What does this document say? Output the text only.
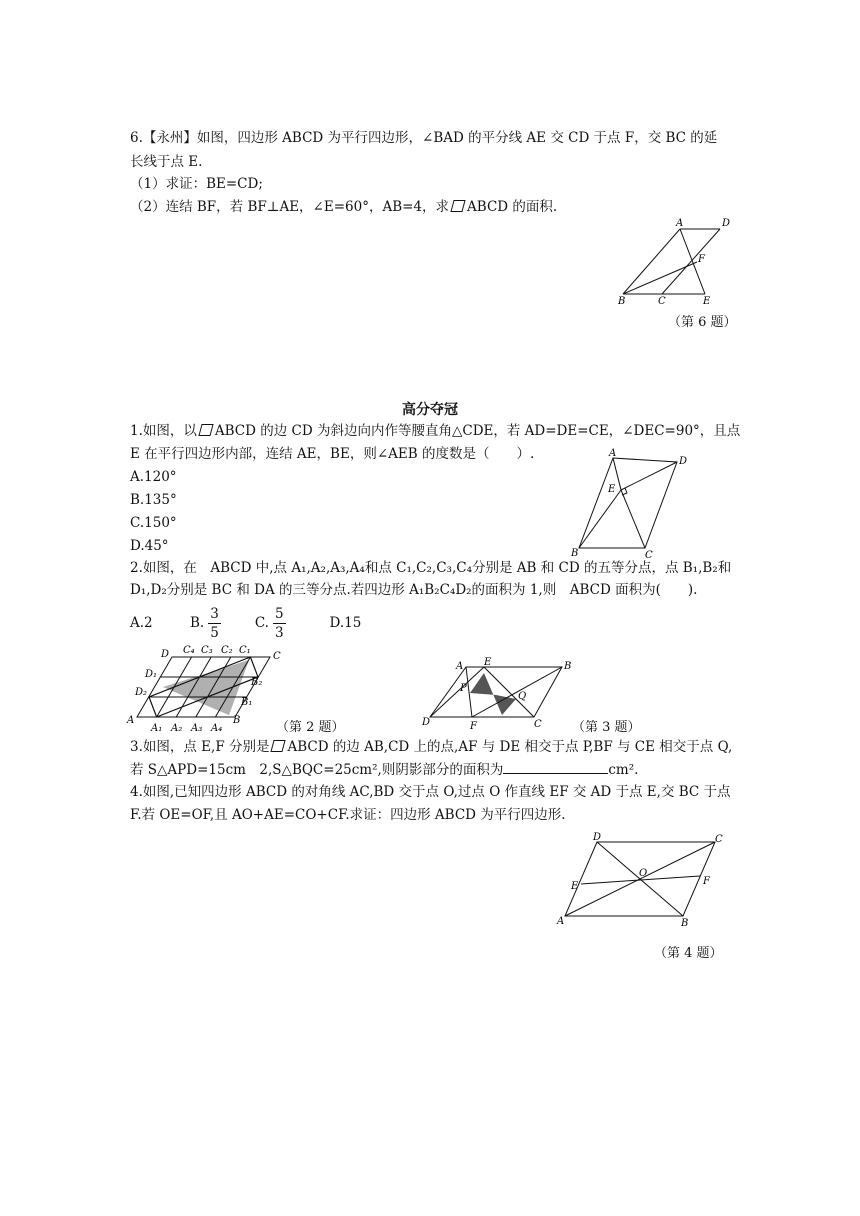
6.【永州】如图，四边形 ABCD 为平行四边形，∠BAD 的平分线 AE 交 CD 于点 F，交 BC 的延
长线于点 E.
（1）求证：BE=CD;
（2）连结 BF，若 BF⊥AE，∠E=60°，AB=4，求 ABCD 的面积.
A	D
F
B	C	E
（第 6 题）
高分夺冠
1.如图，以 ABCD 的边 CD 为斜边向内作等腰直角△CDE，若 AD=DE=CE，∠DEC=90°，且点
E 在平行四边形内部，连结 AE，BE，则∠AEB 的度数是（　　）.
A.120°
B.135°
C.150°
D.45°
A
D
E
B	C
2.如图，在　ABCD 中,点 A₁,A₂,A₃,A₄和点 C₁,C₂,C₃,C₄分别是 AB 和 CD 的五等分点，点 B₁,B₂和
D₁,D₂分别是 BC 和 DA 的三等分点.若四边形 A₁B₂C₄D₂的面积为 1,则　ABCD 面积为(　　).
A.2	B. $\frac{3}{5}$	C. $\frac{5}{3}$	D.15
A	B
C
D
A₁ A₂ A₃ A₄
C₄ C₃ C₂ C₁
B₂
B₁
D₁
D₂
（第 2 题）
A E	B
P
Q
D	F	C （第 3 题）
3.如图，点 E,F 分别是 ABCD 的边 AB,CD 上的点,AF 与 DE 相交于点 P,BF 与 CE 相交于点 Q,
若 S△APD=15cm　2,S△BQC=25cm²,则阴影部分的面积为	cm².
4.如图,已知四边形 ABCD 的对角线 AC,BD 交于点 O,过点 O 作直线 EF 交 AD 于点 E,交 BC 于点
F.若 OE=OF,且 AO+AE=CO+CF.求证：四边形 ABCD 为平行四边形.
D	C
O
E	F
A	B
（第 4 题）
